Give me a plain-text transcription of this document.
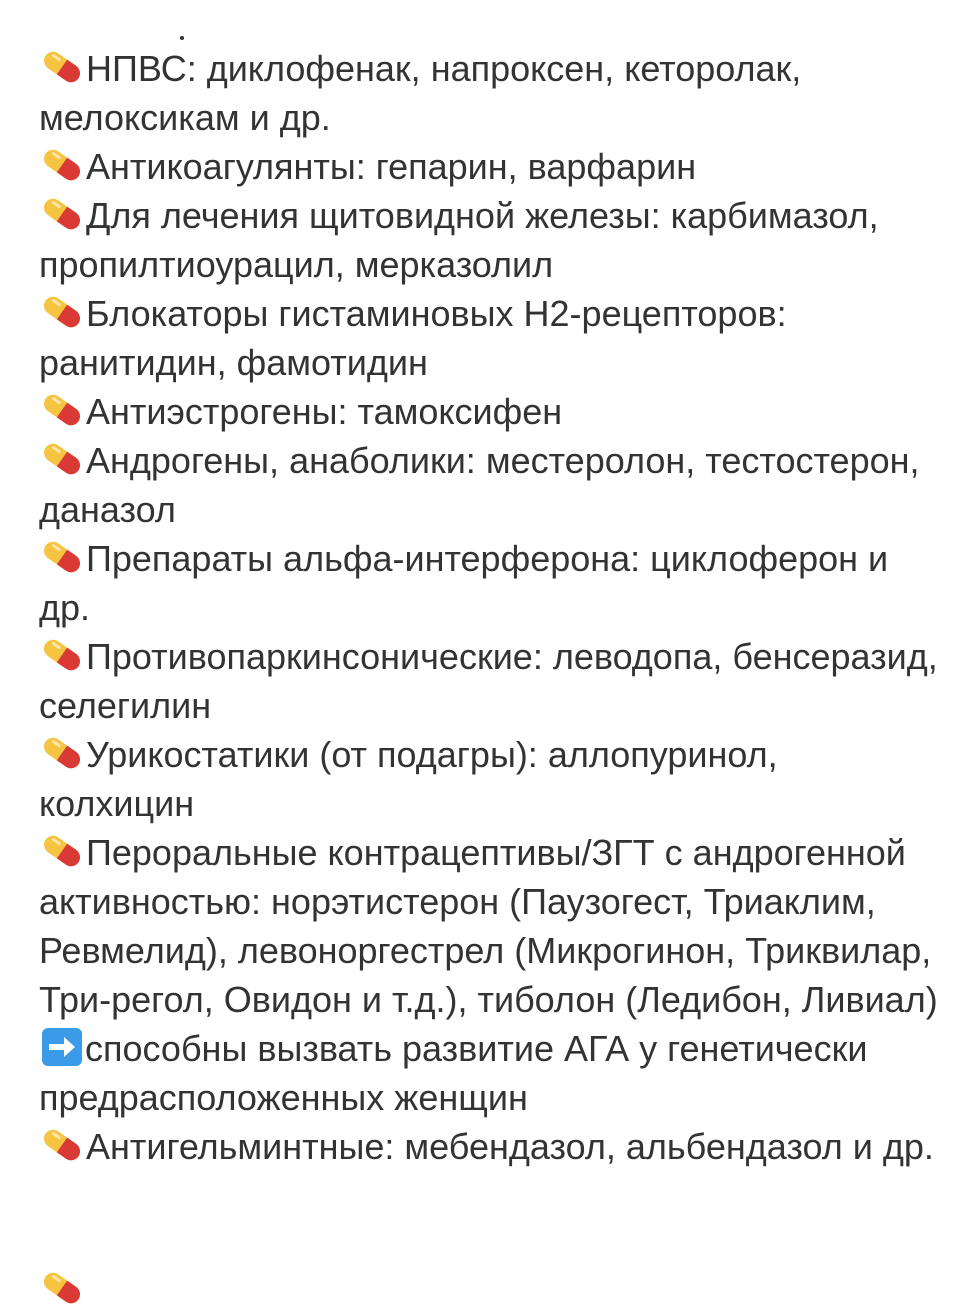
НПВС: диклофенак, напроксен, кеторолак, мелоксикам и др.

Антикоагулянты: гепарин, варфарин

Для лечения щитовидной железы: карбимазол, пропилтиоурацил, мерказолил

Блокаторы гистаминовых Н2-рецепторов: ранитидин, фамотидин

Антиэстрогены: тамоксифен

Андрогены, анаболики: местеролон, тестостерон, даназол

Препараты альфа-интерферона: циклоферон и др.

Противопаркинсонические: леводопа, бенсеразид, селегилин

Урикостатики (от подагры): аллопуринол, колхицин

Пероральные контрацептивы/ЗГТ с андрогенной активностью: норэтистерон (Паузогест, Триаклим, Ревмелид), левоноргестрел (Микрогинон, Триквилар, Три-регол, Овидон и т.д.), тиболон (Ледибон, Ливиал)способны вызвать развитие АГА у генетически предрасположенных женщин

Антигельминтные: мебендазол, альбендазол и др.
